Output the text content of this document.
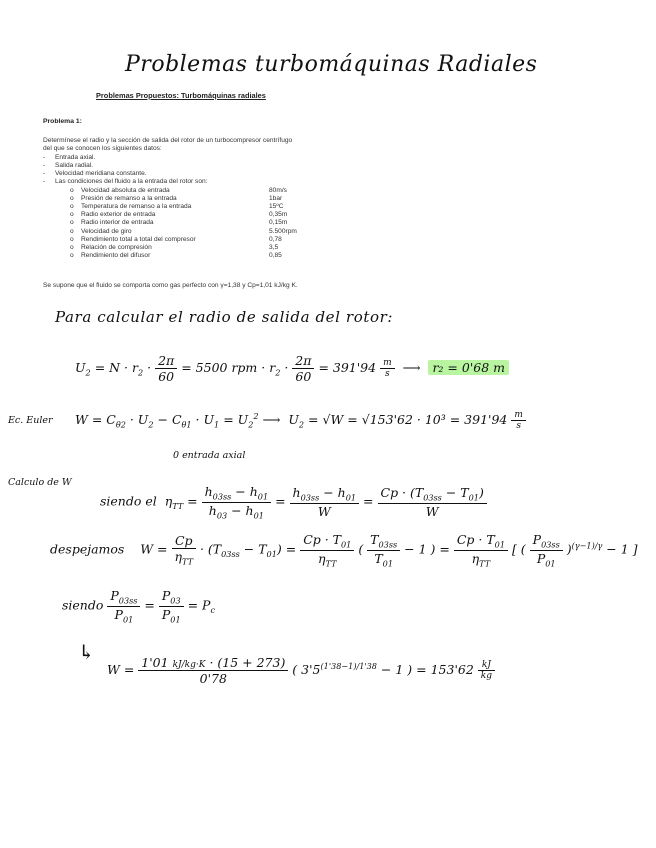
Problemas turbomáquinas Radiales
Problemas Propuestos: Turbomáquinas radiales
Problema 1:
Determínese el radio y la sección de salida del rotor de un turbocompresor centrífugo
del que se conocen los siguientes datos:
- Entrada axial.
- Salida radial.
- Velocidad meridiana constante.
- Las condiciones del fluido a la entrada del rotor son:
o Velocidad absoluta de entrada	80m/s
o Presión de remanso a la entrada	1bar
o Temperatura de remanso a la entrada	15ºC
o Radio exterior de entrada	0,35m
o Radio interior de entrada	0,15m
o Velocidad de giro	5.500rpm
o Rendimiento total a total del compresor	0,78
o Relación de compresión	3,5
o Rendimiento del difusor	0,85
Se supone que el fluido se comporta como gas perfecto con γ=1,38 y Cp=1,01 kJ/kg K.
Para calcular el radio de salida del rotor:
$U_2 = N \cdot r_2 \cdot \frac{2\pi}{60} = 5500$ rpm · $r_2 \cdot \frac{2\pi}{60} = 391'94 \frac{m}{s}$ ⟶  r₂ = 0'68 m
Ec. Euler $W = C_{\theta 2} \cdot U_2 - C_{\theta 1} \cdot U_1 = U_2^2$ ⟶  $U_2 = √W = √153'62 \cdot 10^3 = 391'94 \frac{m}{s}$
0 entrada axial
Calculo de W
siendo el  $\eta_{TT} = \frac{h_{03ss} - h_{01}}{h_{03} - h_{01}} = \frac{h_{03ss} - h_{01}}{W} = \frac{Cp \cdot (T_{03ss} - T_{01})}{W}$
despejamos    $W = \frac{Cp}{\eta_{TT}} \cdot (T_{03ss} - T_{01}) = \frac{Cp \cdot T_{01}}{\eta_{TT}}$ ( $\frac{T_{03ss}}{T_{01}} - 1$ ) = $\frac{Cp \cdot T_{01}}{\eta_{TT}}$ [ ( $\frac{P_{03ss}}{P_{01}} )^{(\gamma-1)/\gamma} - 1$ ]
siendo $\frac{P_{03ss}}{P_{01}} = \frac{P_{03}}{P_{01}} = P_c$
↳
$W = \frac{1'01 kJ/kg\cdot K \cdot (15 + 273)}{0'78}$ ( $3'5^{(1'38-1)/1'38} - 1$ ) = $153'62 \frac{kJ}{kg}$
